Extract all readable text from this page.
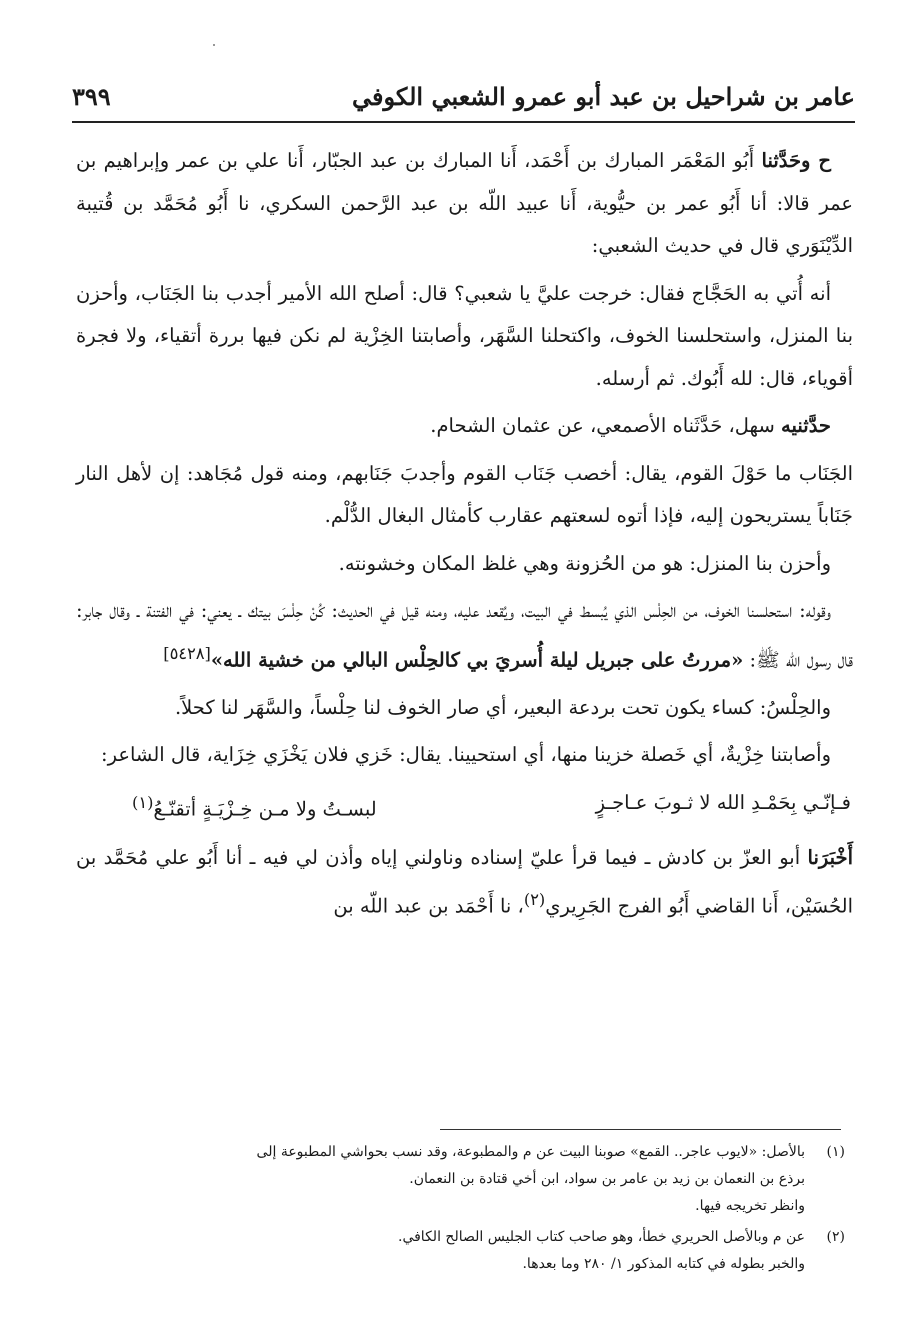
عامر بن شراحيل بن عبد أبو عمرو الشعبي الكوفي
٣٩٩

ح وحَدَّثنا أَبُو المَعْمَر المبارك بن أَحْمَد، أَنا المبارك بن عبد الجبّار، أَنا علي بن عمر وإبراهيم بن عمر قالا: أنا أَبُو عمر بن حيُّوية، أَنا عبيد اللّه بن عبد الرَّحمن السكري، نا أَبُو مُحَمَّد بن قُتيبة الدِّيْنَوَري قال في حديث الشعبي:

أنه أُتي به الحَجَّاج فقال: خرجت عليَّ يا شعبي؟ قال: أصلح الله الأمير أجدب بنا الجَنَاب، وأحزن بنا المنزل، واستحلسنا الخوف، واكتحلنا السَّهَر، وأصابتنا الخِزْية لم نكن فيها بررة أتقياء، ولا فجرة أقوياء، قال: لله أَبُوك. ثم أرسله.

حدَّثنيه سهل، حَدَّثَناه الأصمعي، عن عثمان الشحام.

الجَنَاب ما حَوْلَ القوم، يقال: أخصب جَنَاب القوم وأجدبَ جَنَابهم، ومنه قول مُجَاهد: إن لأهل النار جَنَاباً يستريحون إليه، فإذا أتوه لسعتهم عقارب كأمثال البغال الدُّلْم.

وأحزن بنا المنزل: هو من الحُزونة وهي غلظ المكان وخشونته.

وقوله: استحلسنا الخوف، من الحِلْس الذي يُبسط في البيت، ويُقعد عليه، ومنه قيل في الحديث: كُنْ حِلْسَ بيتك ـ يعني: في الفتنة ـ وقال جابر: قال رسول الله ﷺ: «مررتُ على جبريل ليلة أُسريَ بي كالحِلْس البالي من خشية الله»[٥٤٢٨]

والحِلْسُ: كساء يكون تحت بردعة البعير، أي صار الخوف لنا حِلْساً، والسَّهَر لنا كحلاً.

وأصابتنا خِزْيةٌ، أي خَصلة خزينا منها، أي استحيينا. يقال: خَزي فلان يَخْزَي خِزَاية، قال الشاعر:

فـإنّـي بِحَمْـدِ الله لا ثـوبَ عـاجـزٍ
لبسـتُ ولا مـن خِـزْيَـةٍ أتقنّـعُ$^{(١)}$

أَخْبَرَنا أبو العزّ بن كادش ـ فيما قرأ عليّ إسناده وناولني إياه وأذن لي فيه ـ أنا أَبُو علي مُحَمَّد بن الحُسَيْن، أَنا القاضي أَبُو الفرج الجَرِيري$^{(٢)}$، نا أَحْمَد بن عبد اللّه بن

(١)
بالأصل: «لايوب عاجر.. القمع» صوبنا البيت عن م والمطبوعة، وقد نسب بحواشي المطبوعة إلى
برذع بن النعمان بن زيد بن عامر بن سواد، ابن أخي قتادة بن النعمان.
وانظر تخريجه فيها.
(٢)
عن م وبالأصل الحريري خطأ، وهو صاحب كتاب الجليس الصالح الكافي.
والخبر بطوله في كتابه المذكور ١/ ٢٨٠ وما بعدها.
